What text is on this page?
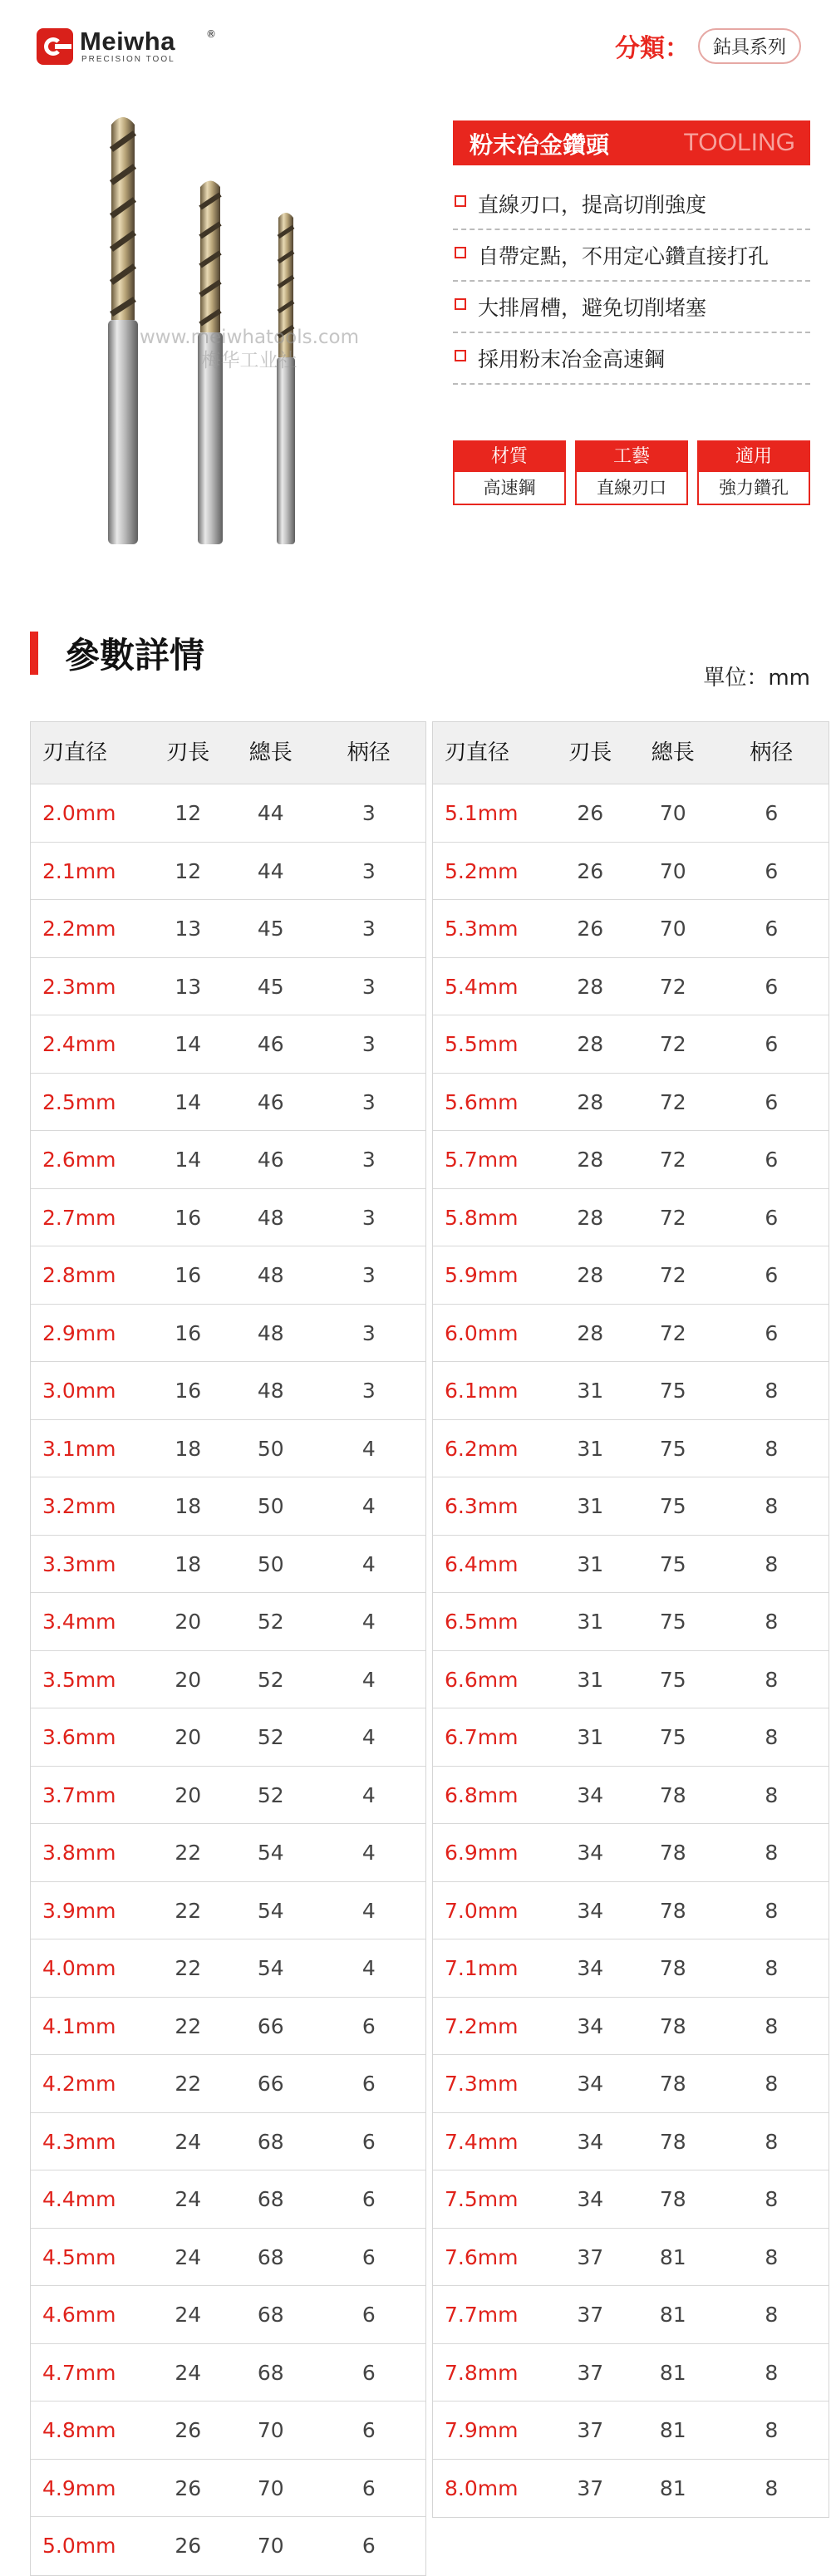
Meiwha	®
PRECISION TOOL	分類：	鈷具系列
www.meiwhatools.com
梅华工业社
粉末冶金鑽頭	TOOLING
直線刃口，提高切削強度
自帶定點，不用定心鑽直接打孔
大排屑槽，避免切削堵塞
採用粉末冶金高速鋼
材質
高速鋼
工藝
直線刃口
適用
強力鑽孔
參數詳情
單位：mm
刃直径	刃長	總長	柄径
2.0mm	12	44	3
2.1mm	12	44	3
2.2mm	13	45	3
2.3mm	13	45	3
2.4mm	14	46	3
2.5mm	14	46	3
2.6mm	14	46	3
2.7mm	16	48	3
2.8mm	16	48	3
2.9mm	16	48	3
3.0mm	16	48	3
3.1mm	18	50	4
3.2mm	18	50	4
3.3mm	18	50	4
3.4mm	20	52	4
3.5mm	20	52	4
3.6mm	20	52	4
3.7mm	20	52	4
3.8mm	22	54	4
3.9mm	22	54	4
4.0mm	22	54	4
4.1mm	22	66	6
4.2mm	22	66	6
4.3mm	24	68	6
4.4mm	24	68	6
4.5mm	24	68	6
4.6mm	24	68	6
4.7mm	24	68	6
4.8mm	26	70	6
4.9mm	26	70	6
5.0mm	26	70	6
刃直径	刃長	總長	柄径
5.1mm	26	70	6
5.2mm	26	70	6
5.3mm	26	70	6
5.4mm	28	72	6
5.5mm	28	72	6
5.6mm	28	72	6
5.7mm	28	72	6
5.8mm	28	72	6
5.9mm	28	72	6
6.0mm	28	72	6
6.1mm	31	75	8
6.2mm	31	75	8
6.3mm	31	75	8
6.4mm	31	75	8
6.5mm	31	75	8
6.6mm	31	75	8
6.7mm	31	75	8
6.8mm	34	78	8
6.9mm	34	78	8
7.0mm	34	78	8
7.1mm	34	78	8
7.2mm	34	78	8
7.3mm	34	78	8
7.4mm	34	78	8
7.5mm	34	78	8
7.6mm	37	81	8
7.7mm	37	81	8
7.8mm	37	81	8
7.9mm	37	81	8
8.0mm	37	81	8
